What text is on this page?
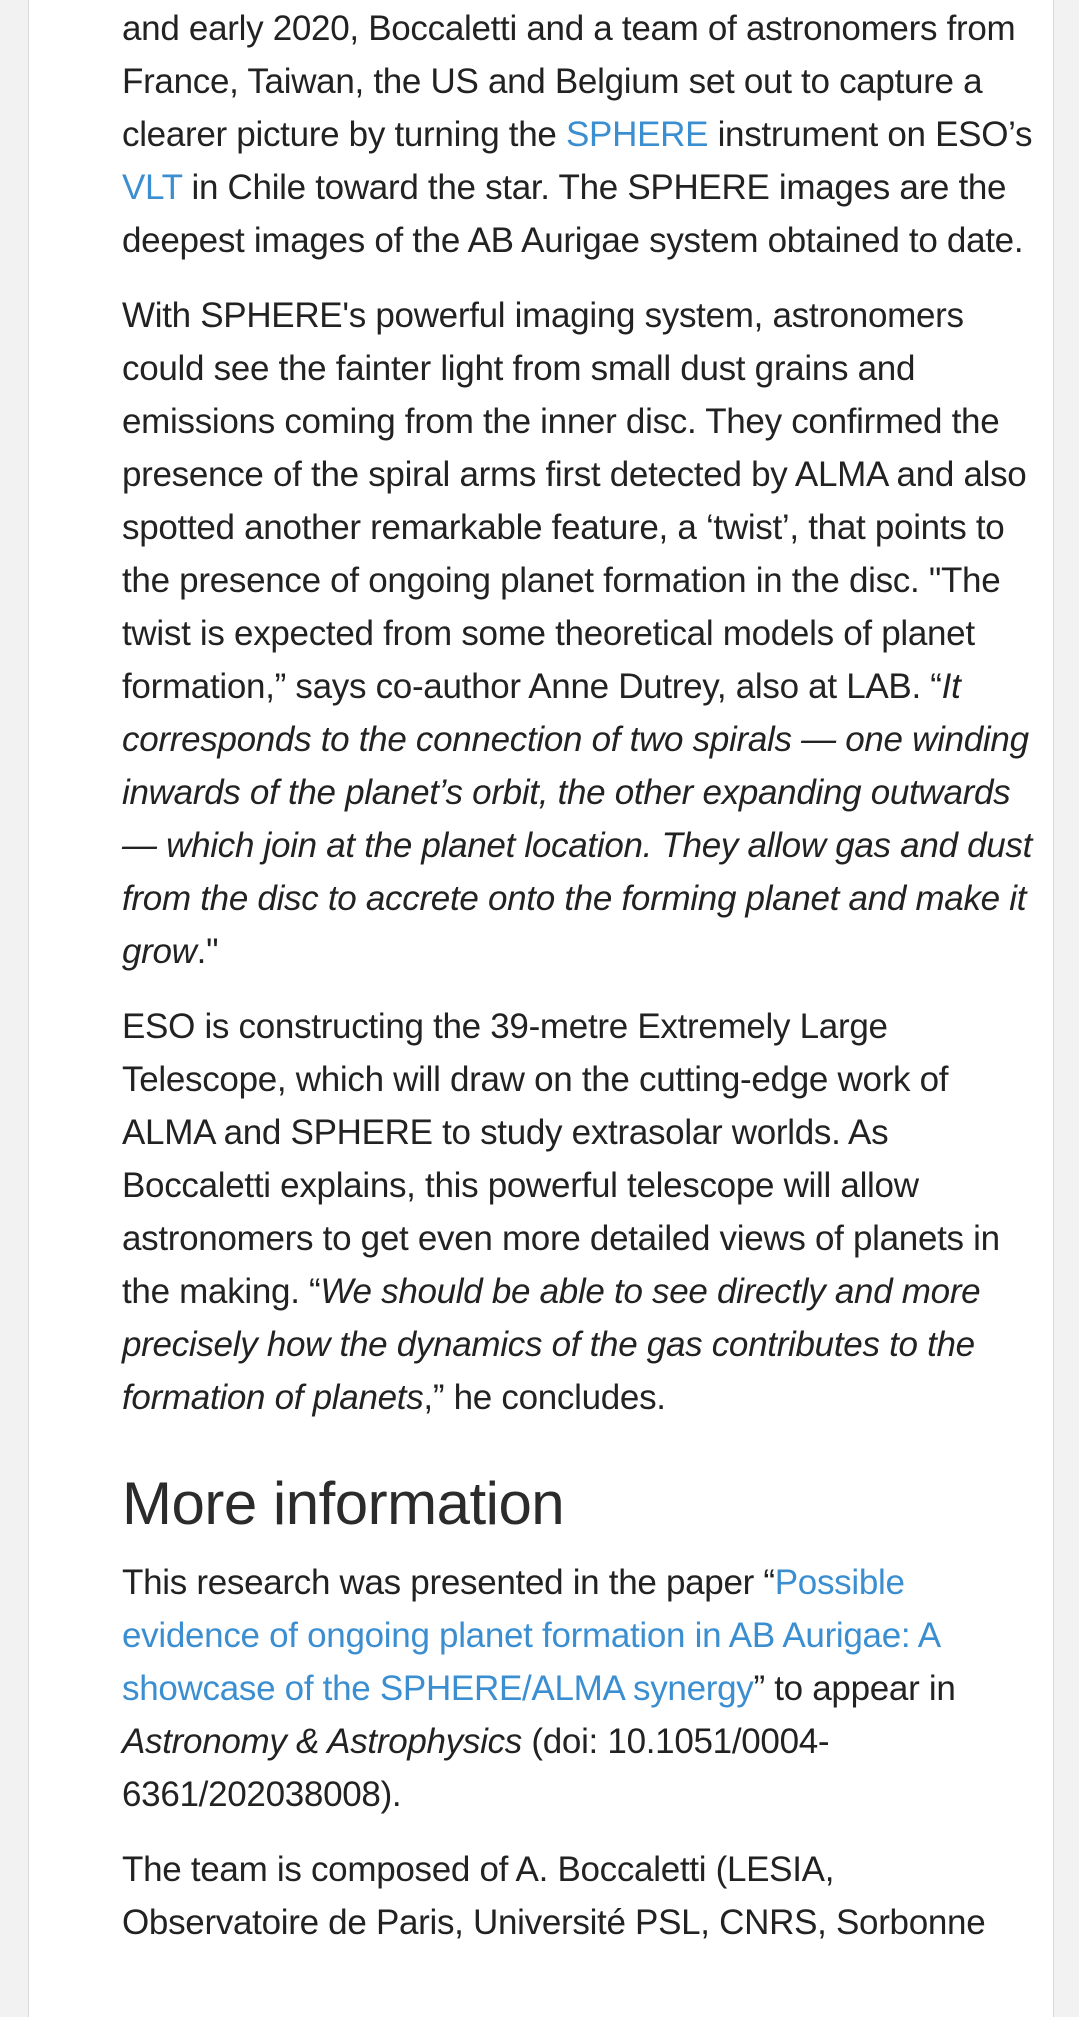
and early 2020, Boccaletti and a team of astronomers from France, Taiwan, the US and Belgium set out to capture a clearer picture by turning the SPHERE instrument on ESO’s VLT in Chile toward the star. The SPHERE images are the deepest images of the AB Aurigae system obtained to date.

With SPHERE's powerful imaging system, astronomers could see the fainter light from small dust grains and emissions coming from the inner disc. They confirmed the presence of the spiral arms first detected by ALMA and also spotted another remarkable feature, a ‘twist’, that points to the presence of ongoing planet formation in the disc. "The twist is expected from some theoretical models of planet formation,” says co-author Anne Dutrey, also at LAB. “It corresponds to the connection of two spirals — one winding inwards of the planet’s orbit, the other expanding outwards — which join at the planet location. They allow gas and dust from the disc to accrete onto the forming planet and make it grow."

ESO is constructing the 39-metre Extremely Large Telescope, which will draw on the cutting-edge work of ALMA and SPHERE to study extrasolar worlds. As Boccaletti explains, this powerful telescope will allow astronomers to get even more detailed views of planets in the making. “We should be able to see directly and more precisely how the dynamics of the gas contributes to the formation of planets,” he concludes.

More information

This research was presented in the paper “Possible evidence of ongoing planet formation in AB Aurigae: A showcase of the SPHERE/ALMA synergy” to appear in Astronomy & Astrophysics (doi: 10.1051/0004-6361/202038008).

The team is composed of A. Boccaletti (LESIA, Observatoire de Paris, Université PSL, CNRS, Sorbonne
